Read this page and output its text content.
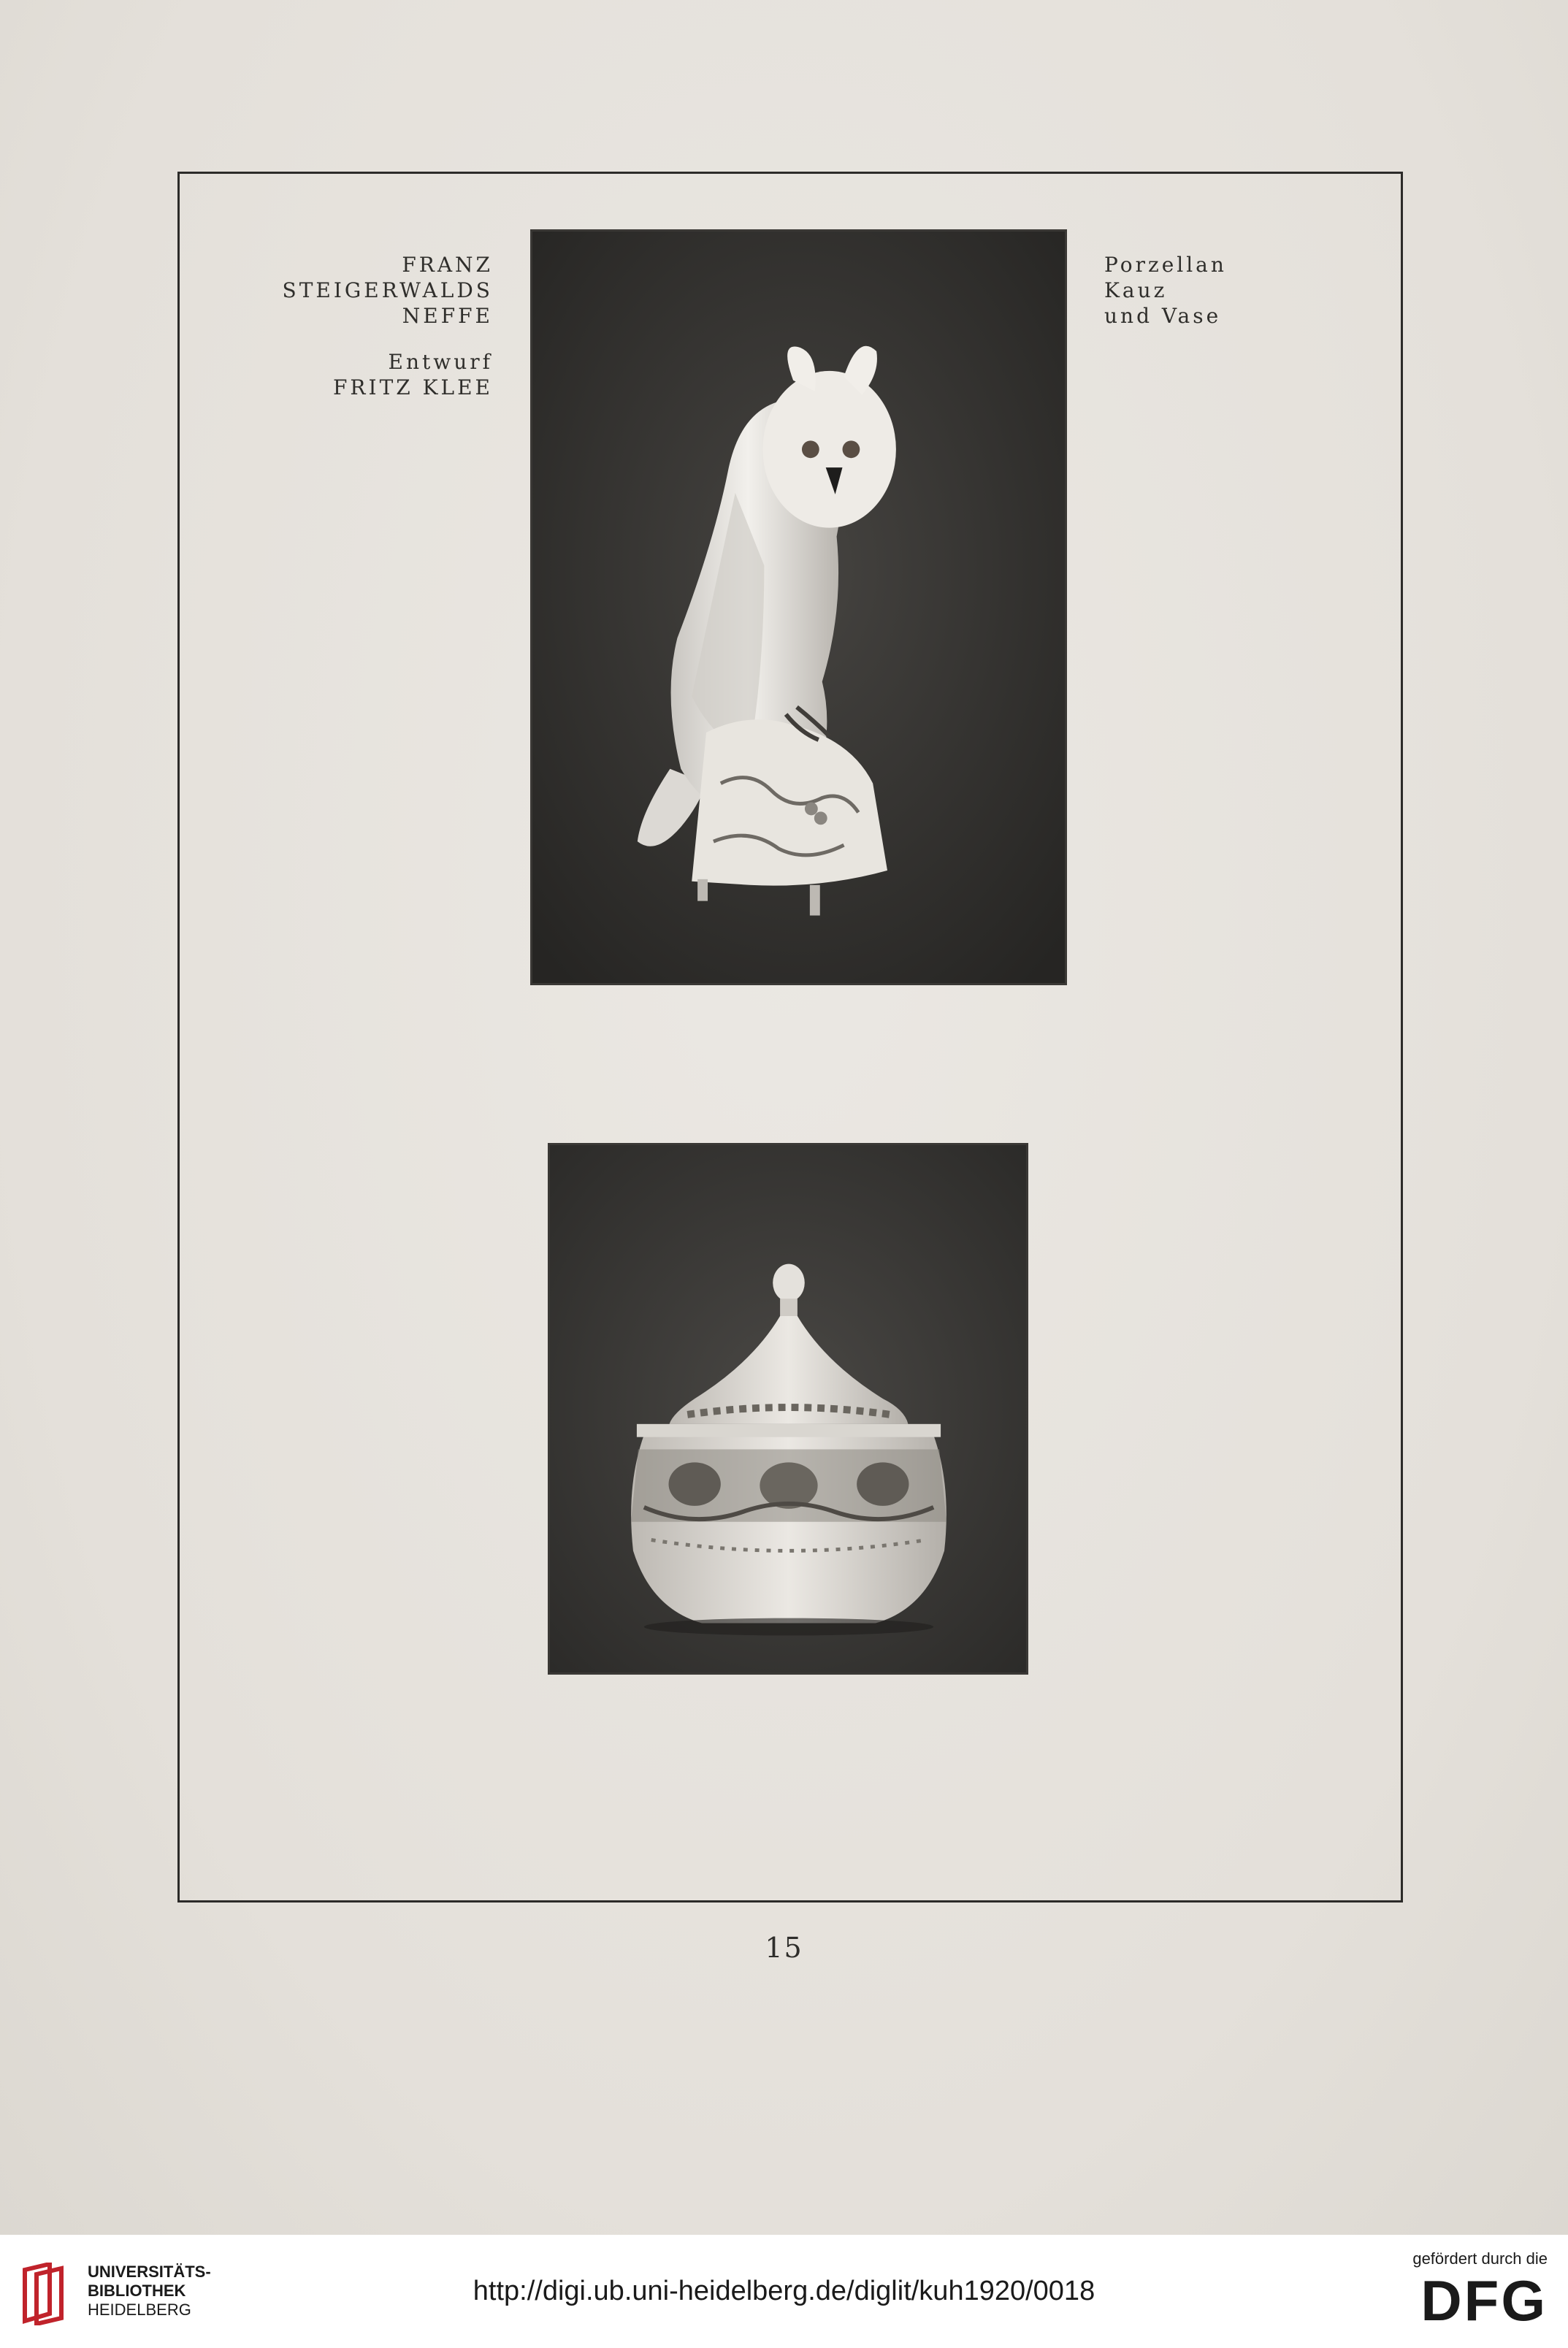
FRANZ
STEIGERWALDS
NEFFE
Entwurf
FRITZ KLEE
Porzellan
Kauz
und Vase
15
UNIVERSITÄTS-
BIBLIOTHEK
HEIDELBERG
http://digi.ub.uni-heidelberg.de/diglit/kuh1920/0018
gefördert durch die
DFG
